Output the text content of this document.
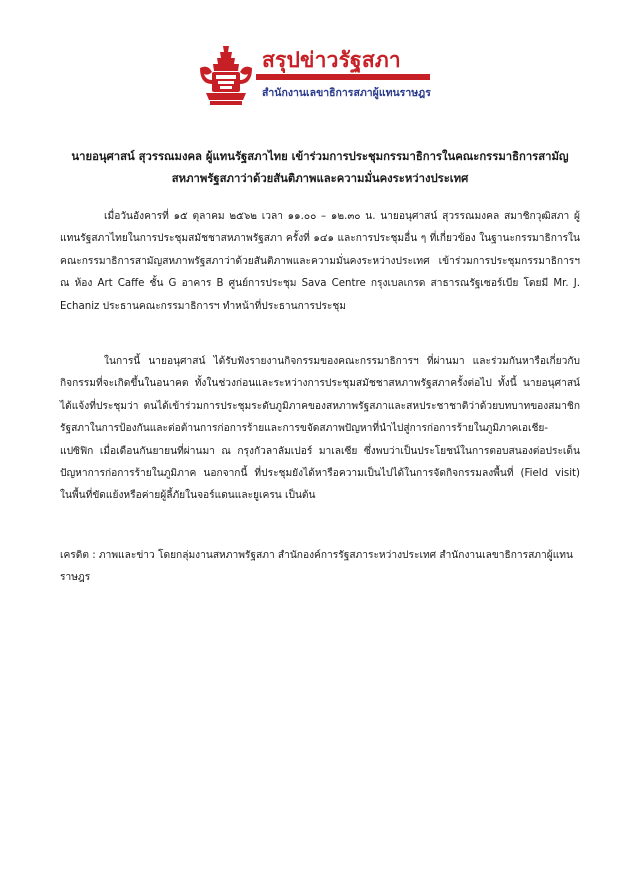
สรุปข่าวรัฐสภา
สำนักงานเลขาธิการสภาผู้แทนราษฎร
นายอนุศาสน์ สุวรรณมงคล ผู้แทนรัฐสภาไทย เข้าร่วมการประชุมกรรมาธิการในคณะกรรมาธิการสามัญ สหภาพรัฐสภาว่าด้วยสันติภาพและความมั่นคงระหว่างประเทศ

เมื่อวันอังคารที่ ๑๕ ตุลาคม ๒๕๖๒ เวลา ๑๑.๐๐ – ๑๒.๓๐ น. นายอนุศาสน์ สุวรรณมงคล สมาชิกวุฒิสภา ผู้แทนรัฐสภาไทยในการประชุมสมัชชาสหภาพรัฐสภา ครั้งที่ ๑๔๑ และการประชุมอื่น ๆ ที่เกี่ยวข้อง ในฐานะกรรมาธิการในคณะกรรมาธิการสามัญสหภาพรัฐสภาว่าด้วยสันติภาพและความมั่นคงระหว่างประเทศ เข้าร่วมการประชุมกรรมาธิการฯ ณ ห้อง Art Caffe ชั้น G อาคาร B ศูนย์การประชุม Sava Centre กรุงเบลเกรด สาธารณรัฐเซอร์เบีย โดยมี Mr. J. Echaniz ประธานคณะกรรมาธิการฯ ทำหน้าที่ประธานการประชุม

ในการนี้ นายอนุศาสน์ ได้รับฟังรายงานกิจกรรมของคณะกรรมาธิการฯ ที่ผ่านมา และร่วมกันหารือเกี่ยวกับกิจกรรมที่จะเกิดขึ้นในอนาคต ทั้งในช่วงก่อนและระหว่างการประชุมสมัชชาสหภาพรัฐสภาครั้งต่อไป ทั้งนี้ นายอนุศาสน์ได้แจ้งที่ประชุมว่า ตนได้เข้าร่วมการประชุมระดับภูมิภาคของสหภาพรัฐสภาและสหประชาชาติว่าด้วยบทบาทของสมาชิกรัฐสภาในการป้องกันและต่อต้านการก่อการร้ายและการขจัดสภาพปัญหาที่นำไปสู่การก่อการร้ายในภูมิภาคเอเชีย-แปซิฟิก เมื่อเดือนกันยายนที่ผ่านมา ณ กรุงกัวลาลัมเปอร์ มาเลเซีย ซึ่งพบว่าเป็นประโยชน์ในการตอบสนองต่อประเด็นปัญหาการก่อการร้ายในภูมิภาค นอกจากนี้ ที่ประชุมยังได้หารือความเป็นไปได้ในการจัดกิจกรรมลงพื้นที่ (Field visit) ในพื้นที่ขัดแย้งหรือค่ายผู้ลี้ภัยในจอร์แดนและยูเครน เป็นต้น

เครดิต : ภาพและข่าว โดยกลุ่มงานสหภาพรัฐสภา สำนักองค์การรัฐสภาระหว่างประเทศ สำนักงานเลขาธิการสภาผู้แทนราษฎร
